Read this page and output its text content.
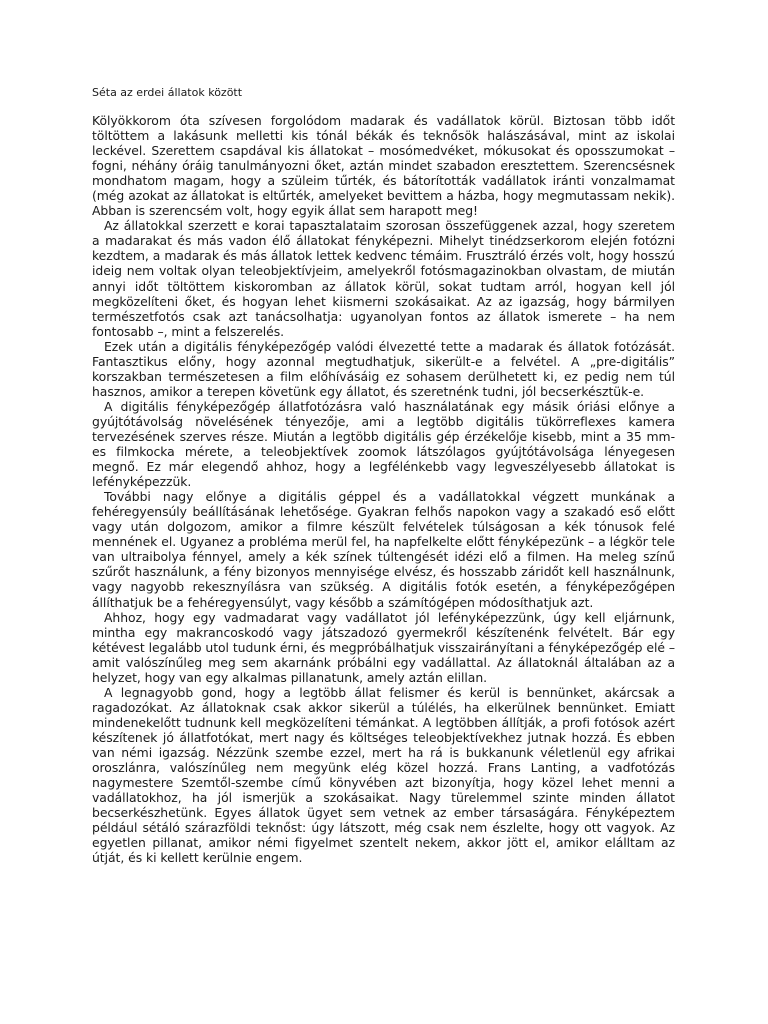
Séta az erdei állatok között

Kölyökkorom óta szívesen forgolódom madarak és vadállatok körül. Biztosan több időt töltöttem a lakásunk melletti kis tónál békák és teknősök halászásával, mint az iskolai leckével. Szerettem csapdával kis állatokat – mosómedvéket, mókusokat és oposszumokat – fogni, néhány óráig tanulmányozni őket, aztán mindet szabadon eresztettem. Szerencsésnek mondhatom magam, hogy a szüleim tűrték, és bátorították vadállatok iránti vonzalmamat (még azokat az állatokat is eltűrték, amelyeket bevittem a házba, hogy megmutassam nekik). Abban is szerencsém volt, hogy egyik állat sem harapott meg!

Az állatokkal szerzett e korai tapasztalataim szorosan összefüggenek azzal, hogy szeretem a madarakat és más vadon élő állatokat fényképezni. Mihelyt tinédzserkorom elején fotózni kezdtem, a madarak és más állatok lettek kedvenc témáim. Frusztráló érzés volt, hogy hosszú ideig nem voltak olyan teleobjektívjeim, amelyekről fotósmagazinokban olvastam, de miután annyi időt töltöttem kiskoromban az állatok körül, sokat tudtam arról, hogyan kell jól megközelíteni őket, és hogyan lehet kiismerni szokásaikat. Az az igazság, hogy bármilyen természetfotós csak azt tanácsolhatja: ugyanolyan fontos az állatok ismerete – ha nem fontosabb –, mint a felszerelés.

Ezek után a digitális fényképezőgép valódi élvezetté tette a madarak és állatok fotózását. Fantasztikus előny, hogy azonnal megtudhatjuk, sikerült-e a felvétel. A „pre-digitális” korszakban természetesen a film előhívásáig ez sohasem derülhetett ki, ez pedig nem túl hasznos, amikor a terepen követünk egy állatot, és szeretnénk tudni, jól becserkésztük-e.

A digitális fényképezőgép állatfotózásra való használatának egy másik óriási előnye a gyújtótávolság növelésének tényezője, ami a legtöbb digitális tükörreflexes kamera tervezésének szerves része. Miután a legtöbb digitális gép érzékelője kisebb, mint a 35 mm-es filmkocka mérete, a teleobjektívek zoomok látszólagos gyújtótávolsága lényegesen megnő. Ez már elegendő ahhoz, hogy a legfélénkebb vagy legveszélyesebb állatokat is lefényképezzük.

További nagy előnye a digitális géppel és a vadállatokkal végzett munkának a fehéregyensúly beállításának lehetősége. Gyakran felhős napokon vagy a szakadó eső előtt vagy után dolgozom, amikor a filmre készült felvételek túlságosan a kék tónusok felé mennének el. Ugyanez a probléma merül fel, ha napfelkelte előtt fényképezünk – a légkör tele van ultraibolya fénnyel, amely a kék színek túltengését idézi elő a filmen. Ha meleg színű szűrőt használunk, a fény bizonyos mennyisége elvész, és hosszabb záridőt kell használnunk, vagy nagyobb rekesznyílásra van szükség. A digitális fotók esetén, a fényképezőgépen állíthatjuk be a fehéregyensúlyt, vagy később a számítógépen módosíthatjuk azt.

Ahhoz, hogy egy vadmadarat vagy vadállatot jól lefényképezzünk, úgy kell eljárnunk, mintha egy makrancoskodó vagy játszadozó gyermekről készítenénk felvételt. Bár egy kétévest legalább utol tudunk érni, és megpróbálhatjuk visszairányítani a fényképezőgép elé – amit valószínűleg meg sem akarnánk próbálni egy vadállattal. Az állatoknál általában az a helyzet, hogy van egy alkalmas pillanatunk, amely aztán elillan.

A legnagyobb gond, hogy a legtöbb állat felismer és kerül is bennünket, akárcsak a ragadozókat. Az állatoknak csak akkor sikerül a túlélés, ha elkerülnek bennünket. Emiatt mindenekelőtt tudnunk kell megközelíteni témánkat. A legtöbben állítják, a profi fotósok azért készítenek jó állatfotókat, mert nagy és költséges teleobjektívekhez jutnak hozzá. És ebben van némi igazság. Nézzünk szembe ezzel, mert ha rá is bukkanunk véletlenül egy afrikai oroszlánra, valószínűleg nem megyünk elég közel hozzá. Frans Lanting, a vadfotózás nagymestere Szemtől-szembe című könyvében azt bizonyítja, hogy közel lehet menni a vadállatokhoz, ha jól ismerjük a szokásaikat. Nagy türelemmel szinte minden állatot becserkészhetünk. Egyes állatok ügyet sem vetnek az ember társaságára. Fényképeztem például sétáló szárazföldi teknőst: úgy látszott, még csak nem észlelte, hogy ott vagyok. Az egyetlen pillanat, amikor némi figyelmet szentelt nekem, akkor jött el, amikor elálltam az útját, és ki kellett kerülnie engem.
